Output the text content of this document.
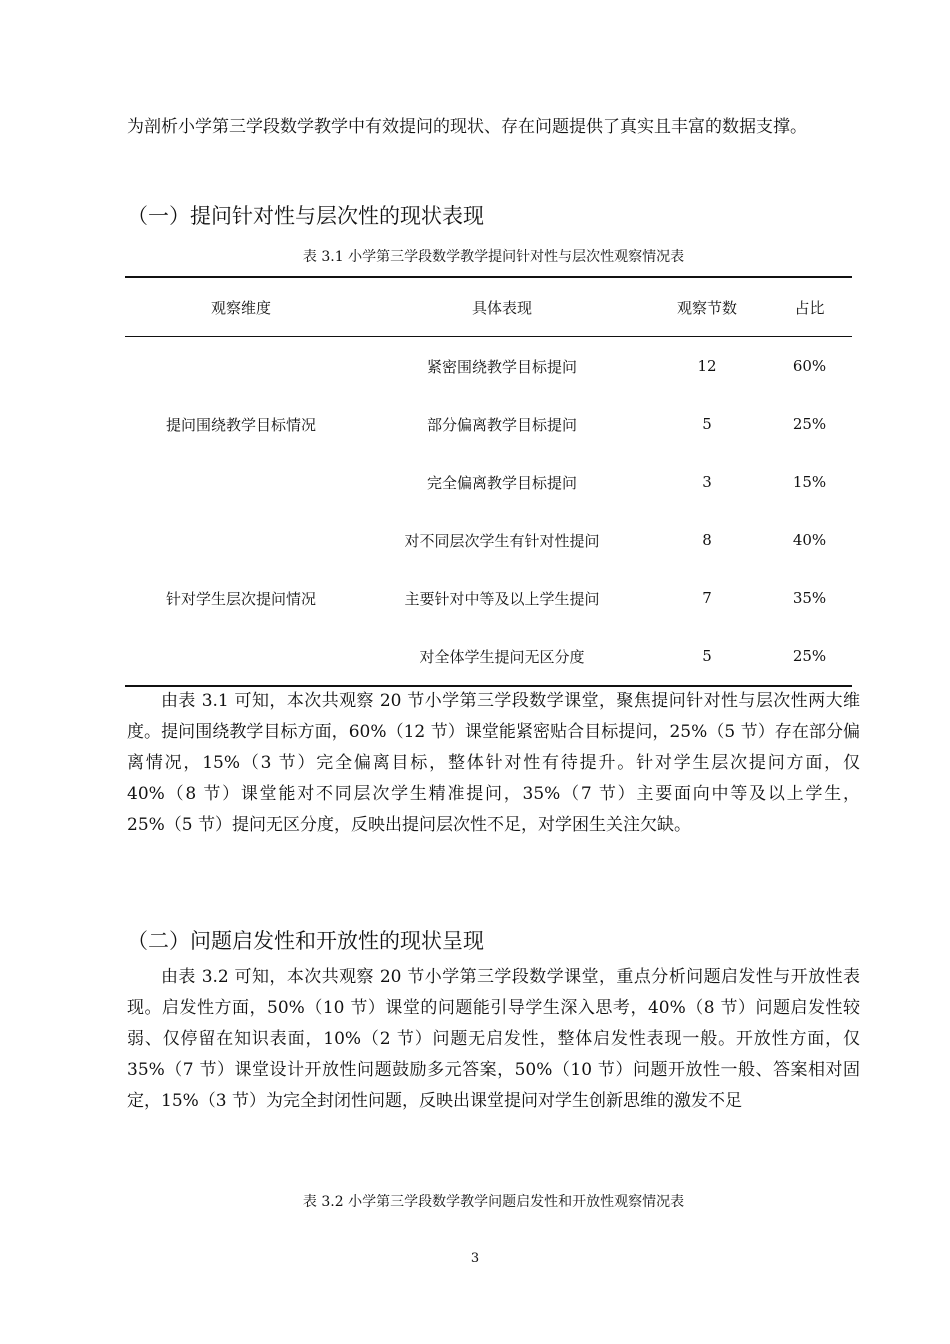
为剖析小学第三学段数学教学中有效提问的现状、存在问题提供了真实且丰富的数据支撑。

（一）提问针对性与层次性的现状表现

表 3.1 小学第三学段数学教学提问针对性与层次性观察情况表

观察维度	具体表现	观察节数	占比
提问围绕教学目标情况	紧密围绕教学目标提问	12	60%
	部分偏离教学目标提问	5	25%
	完全偏离教学目标提问	3	15%
针对学生层次提问情况	对不同层次学生有针对性提问	8	40%
	主要针对中等及以上学生提问	7	35%
	对全体学生提问无区分度	5	25%

由表 3.1 可知，本次共观察 20 节小学第三学段数学课堂，聚焦提问针对性与层次性两大维度。提问围绕教学目标方面，60%（12 节）课堂能紧密贴合目标提问，25%（5 节）存在部分偏离情况，15%（3 节）完全偏离目标，整体针对性有待提升。针对学生层次提问方面，仅 40%（8 节）课堂能对不同层次学生精准提问，35%（7 节）主要面向中等及以上学生，25%（5 节）提问无区分度，反映出提问层次性不足，对学困生关注欠缺。

（二）问题启发性和开放性的现状呈现

由表 3.2 可知，本次共观察 20 节小学第三学段数学课堂，重点分析问题启发性与开放性表现。启发性方面，50%（10 节）课堂的问题能引导学生深入思考，40%（8 节）问题启发性较弱、仅停留在知识表面，10%（2 节）问题无启发性，整体启发性表现一般。开放性方面，仅 35%（7 节）课堂设计开放性问题鼓励多元答案，50%（10 节）问题开放性一般、答案相对固定，15%（3 节）为完全封闭性问题，反映出课堂提问对学生创新思维的激发不足

表 3.2 小学第三学段数学教学问题启发性和开放性观察情况表

3
